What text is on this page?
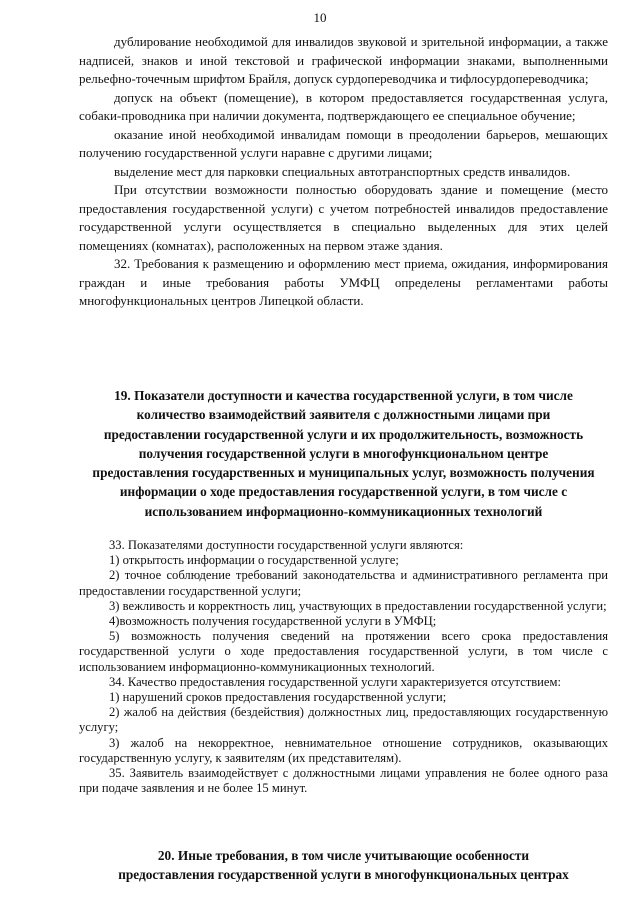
10

дублирование необходимой для инвалидов звуковой и зрительной информации, а также надписей, знаков и иной текстовой и графической информации знаками, выполненными рельефно-точечным шрифтом Брайля, допуск сурдопереводчика и тифлосурдопереводчика;

допуск на объект (помещение), в котором предоставляется государственная услуга, собаки-проводника при наличии документа, подтверждающего ее специальное обучение;

оказание иной необходимой инвалидам помощи в преодолении барьеров, мешающих получению государственной услуги наравне с другими лицами;

выделение мест для парковки специальных автотранспортных средств инвалидов.

При отсутствии возможности полностью оборудовать здание и помещение (место предоставления государственной услуги) с учетом потребностей инвалидов предоставление государственной услуги осуществляется в специально выделенных для этих целей помещениях (комнатах), расположенных на первом этаже здания.

32. Требования к размещению и оформлению мест приема, ожидания, информирования граждан и иные требования работы УМФЦ определены регламентами работы многофункциональных центров Липецкой области.

19. Показатели доступности и качества государственной услуги, в том числе
количество взаимодействий заявителя с должностными лицами при
предоставлении государственной услуги и их продолжительность, возможность
получения государственной услуги в многофункциональном центре
предоставления государственных и муниципальных услуг, возможность получения
информации о ходе предоставления государственной услуги, в том числе с
использованием информационно-коммуникационных технологий

33. Показателями доступности государственной услуги являются:

1) открытость информации о государственной услуге;

2) точное соблюдение требований законодательства и административного регламента при предоставлении государственной услуги;

3) вежливость и корректность лиц, участвующих в предоставлении государственной услуги;

4)возможность получения государственной услуги в УМФЦ;

5) возможность получения сведений на протяжении всего срока предоставления государственной услуги о ходе предоставления государственной услуги, в том числе с использованием информационно-коммуникационных технологий.

34. Качество предоставления государственной услуги характеризуется отсутствием:

1) нарушений сроков предоставления государственной услуги;

2) жалоб на действия (бездействия) должностных лиц, предоставляющих государственную услугу;

3) жалоб на некорректное, невнимательное отношение сотрудников, оказывающих государственную услугу, к заявителям (их представителям).

35. Заявитель взаимодействует с должностными лицами управления не более одного раза при подаче заявления и не более 15 минут.

20. Иные требования, в том числе учитывающие особенности
предоставления государственной услуги в многофункциональных центрах
